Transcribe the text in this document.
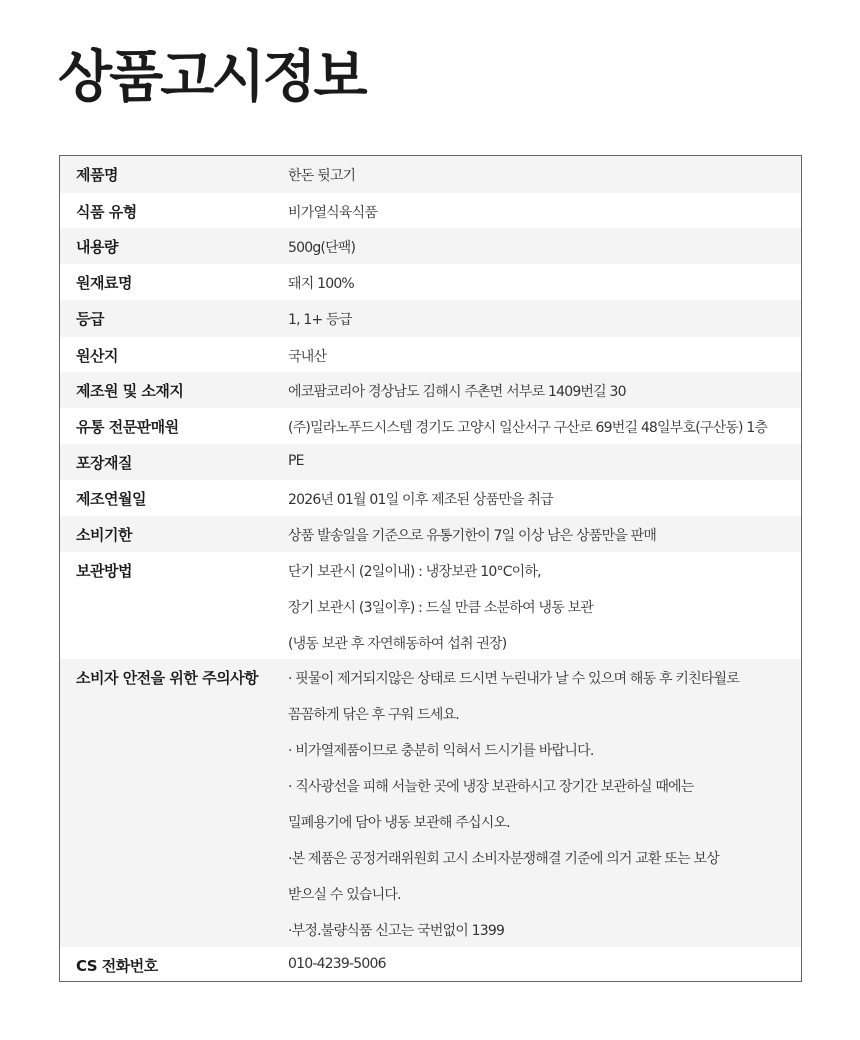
상품고시정보
제품명	한돈 뒷고기
식품 유형	비가열식육식품
내용량	500g(단팩)
원재료명	돼지 100%
등급	1, 1+ 등급
원산지	국내산
제조원 및 소재지	에코팜코리아 경상남도 김해시 주촌면 서부로 1409번길 30
유통 전문판매원	(주)밀라노푸드시스템 경기도 고양시 일산서구 구산로 69번길 48일부호(구산동) 1층
포장재질	PE
제조연월일	2026년 01월 01일 이후 제조된 상품만을 취급
소비기한	상품 발송일을 기준으로 유통기한이 7일 이상 남은 상품만을 판매
보관방법	단기 보관시 (2일이내) : 냉장보관 10°C이하,
장기 보관시 (3일이후) : 드실 만큼 소분하여 냉동 보관
(냉동 보관 후 자연해동하여 섭취 권장)
소비자 안전을 위한 주의사항 · 핏물이 제거되지않은 상태로 드시면 누린내가 날 수 있으며 해동 후 키친타월로
꼼꼼하게 닦은 후 구워 드세요.
· 비가열제품이므로 충분히 익혀서 드시기를 바랍니다.
· 직사광선을 피해 서늘한 곳에 냉장 보관하시고 장기간 보관하실 때에는
밀폐용기에 담아 냉동 보관해 주십시오.
·본 제품은 공정거래위원회 고시 소비자분쟁해결 기준에 의거 교환 또는 보상
받으실 수 있습니다.
·부정.불량식품 신고는 국번없이 1399
CS 전화번호	010-4239-5006
